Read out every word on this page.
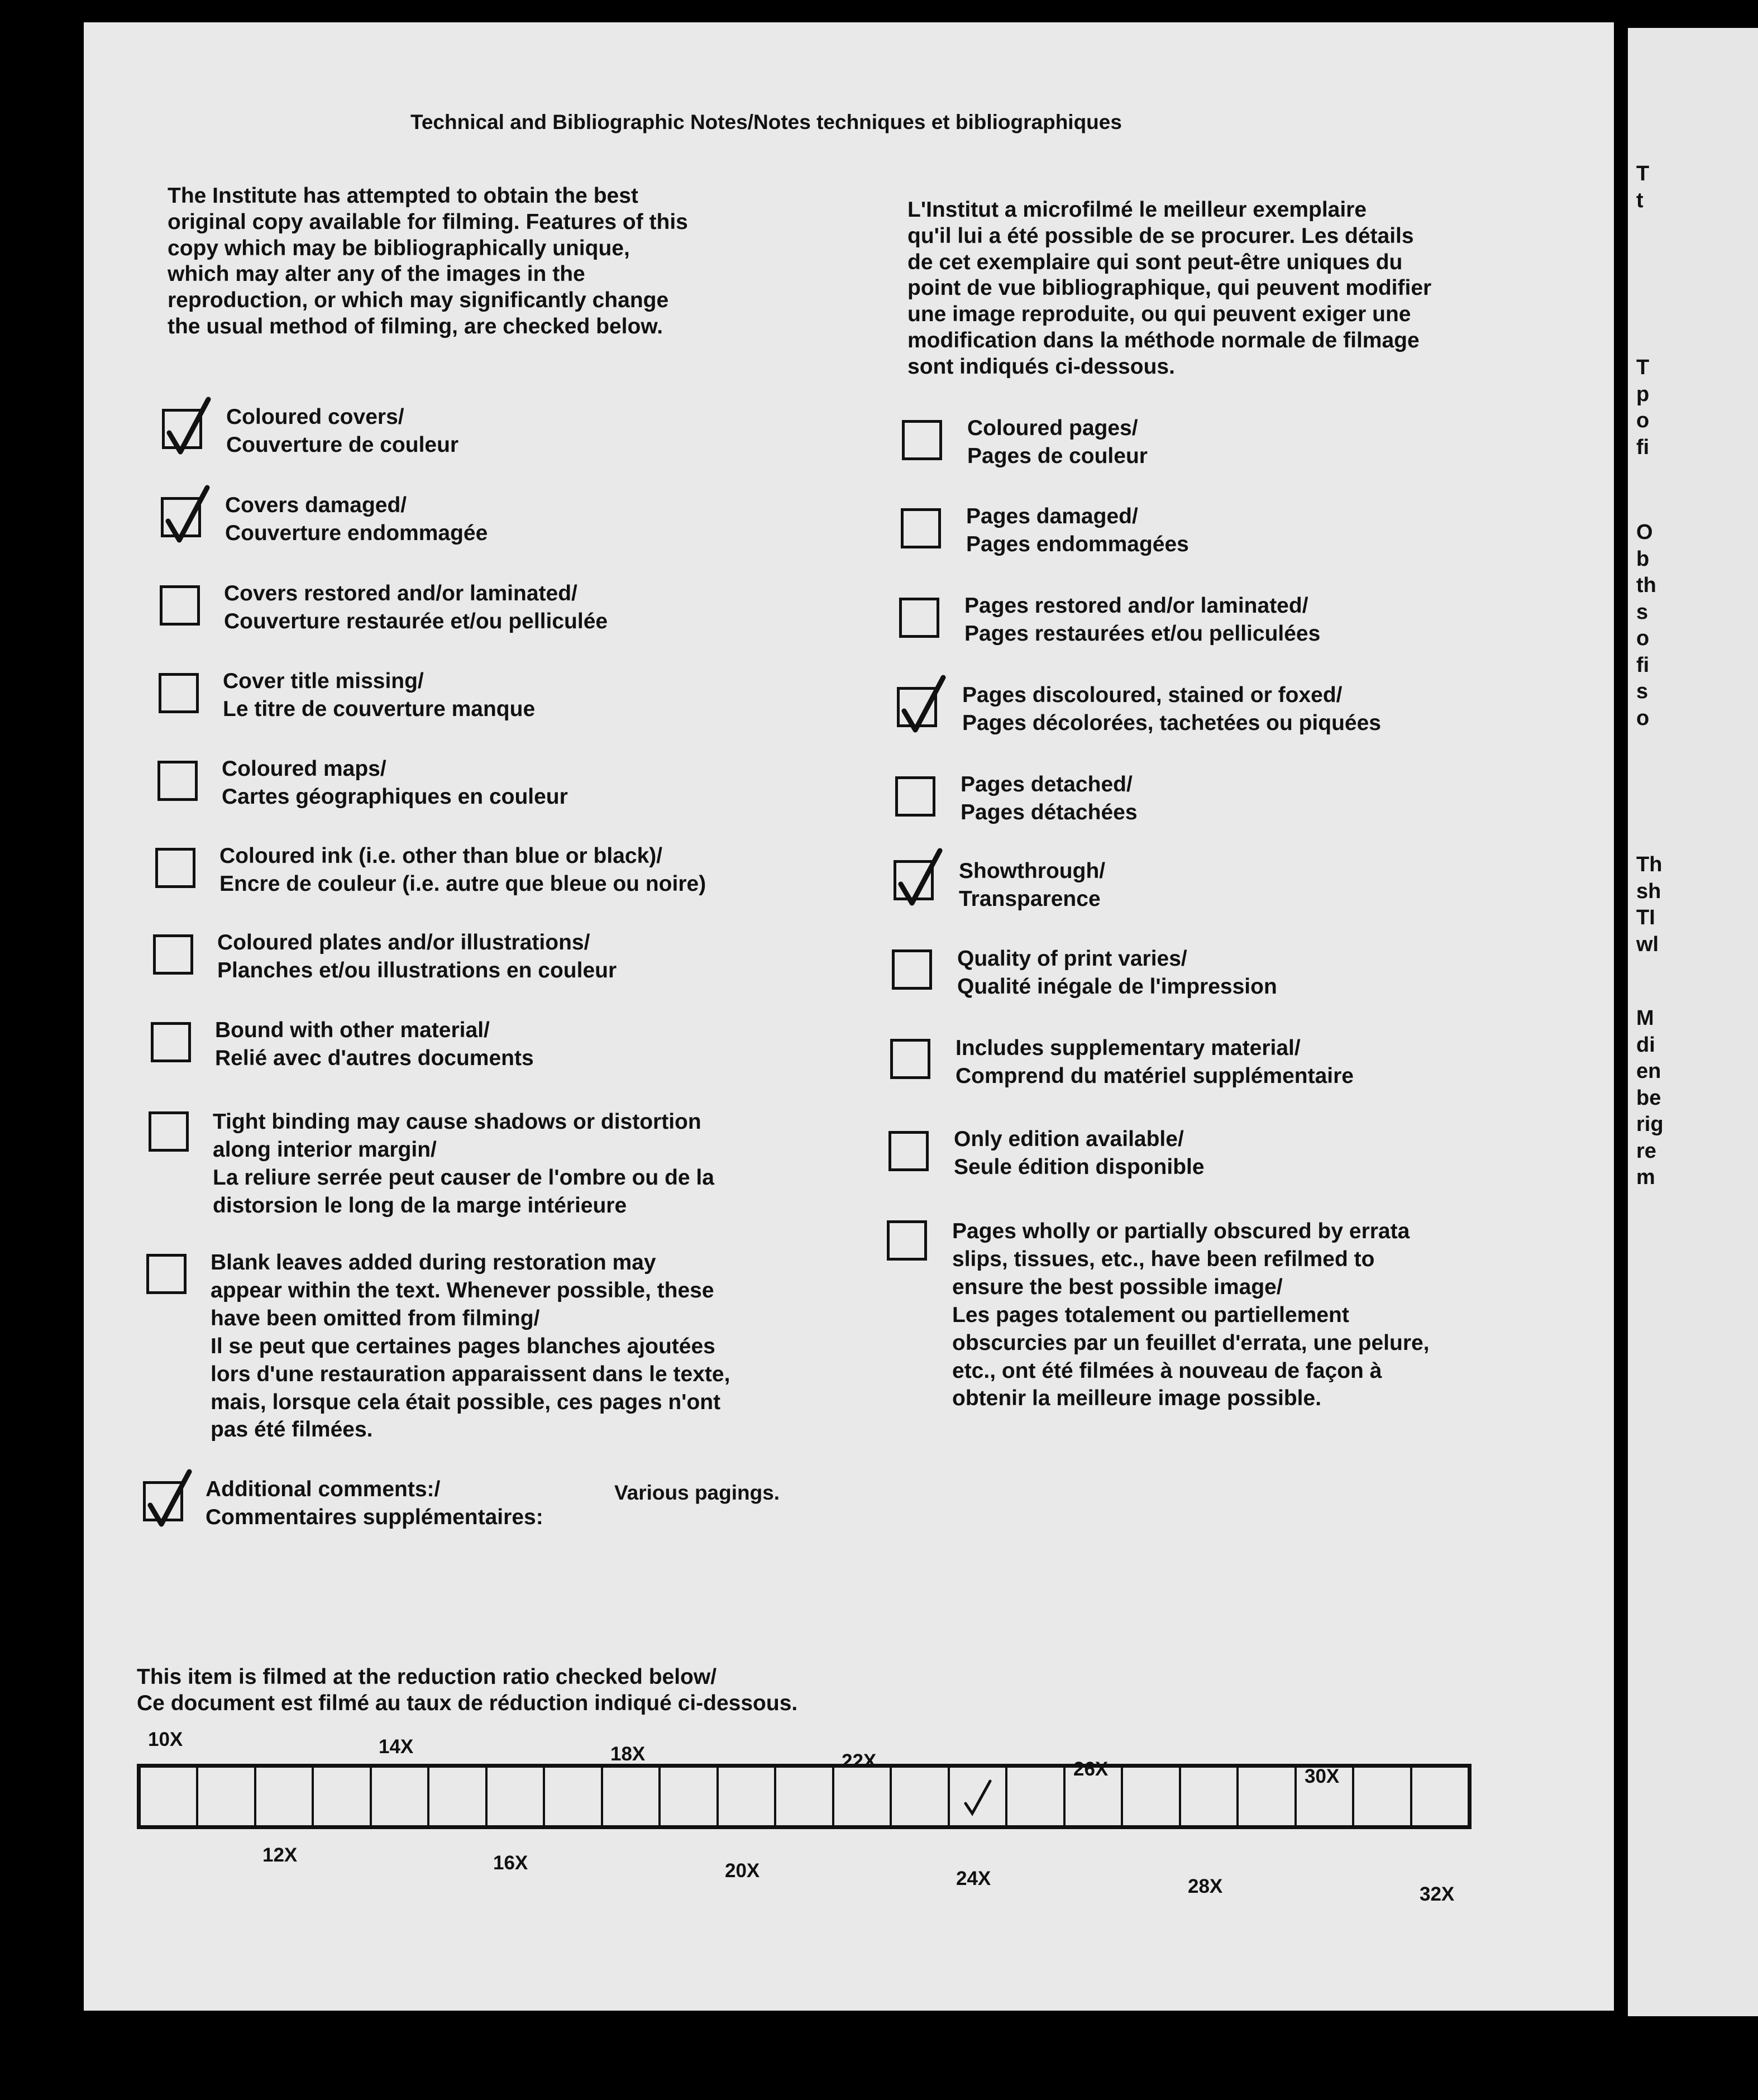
Technical and Bibliographic Notes/Notes techniques et bibliographiques

The Institute has attempted to obtain the best
original copy available for filming. Features of this
copy which may be bibliographically unique,
which may alter any of the images in the
reproduction, or which may significantly change
the usual method of filming, are checked below.

L'Institut a microfilmé le meilleur exemplaire
qu'il lui a été possible de se procurer. Les détails
de cet exemplaire qui sont peut-être uniques du
point de vue bibliographique, qui peuvent modifier
une image reproduite, ou qui peuvent exiger une
modification dans la méthode normale de filmage
sont indiqués ci-dessous.

Coloured covers/
Couverture de couleur

Covers damaged/
Couverture endommagée

Covers restored and/or laminated/
Couverture restaurée et/ou pelliculée

Cover title missing/
Le titre de couverture manque

Coloured maps/
Cartes géographiques en couleur

Coloured ink (i.e. other than blue or black)/
Encre de couleur (i.e. autre que bleue ou noire)

Coloured plates and/or illustrations/
Planches et/ou illustrations en couleur

Bound with other material/
Relié avec d'autres documents

Tight binding may cause shadows or distortion
along interior margin/
La reliure serrée peut causer de l'ombre ou de la
distorsion le long de la marge intérieure

Blank leaves added during restoration may
appear within the text. Whenever possible, these
have been omitted from filming/
Il se peut que certaines pages blanches ajoutées
lors d'une restauration apparaissent dans le texte,
mais, lorsque cela était possible, ces pages n'ont
pas été filmées.

Additional comments:/
Commentaires supplémentaires:

Coloured pages/
Pages de couleur

Pages damaged/
Pages endommagées

Pages restored and/or laminated/
Pages restaurées et/ou pelliculées

Pages discoloured, stained or foxed/
Pages décolorées, tachetées ou piquées

Pages detached/
Pages détachées

Showthrough/
Transparence

Quality of print varies/
Qualité inégale de l'impression

Includes supplementary material/
Comprend du matériel supplémentaire

Only edition available/
Seule édition disponible

Pages wholly or partially obscured by errata
slips, tissues, etc., have been refilmed to
ensure the best possible image/
Les pages totalement ou partiellement
obscurcies par un feuillet d'errata, une pelure,
etc., ont été filmées à nouveau de façon à
obtenir la meilleure image possible.

Various pagings.

This item is filmed at the reduction ratio checked below/
Ce document est filmé au taux de réduction indiqué ci-dessous.

10X	14X	18X	22X	26X	30X

12X	16X	20X	24X	28X	32X

T
t

T
p
o
fi

O
b
th
s
o
fi
s
o

Th
sh
TI
wl

M
di
en
be
rig
re
m
